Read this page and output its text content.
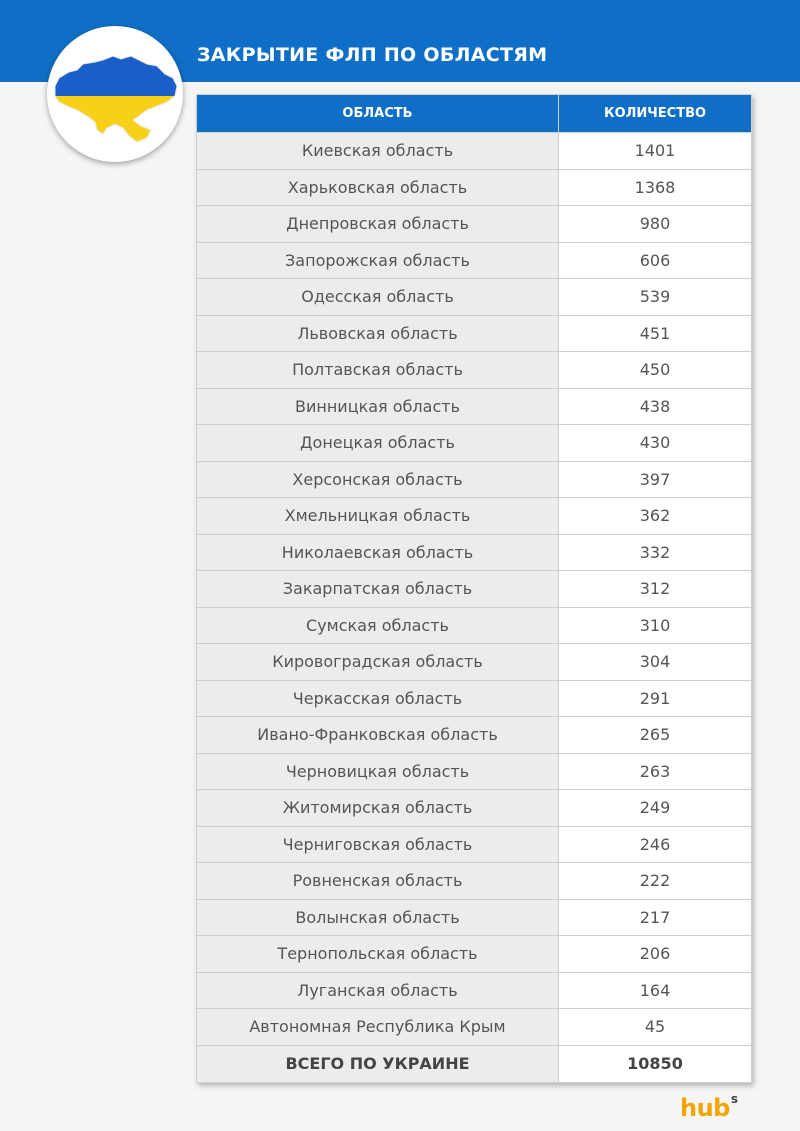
ЗАКРЫТИЕ ФЛП ПО ОБЛАСТЯМ
ОБЛАСТЬ	КОЛИЧЕСТВО
Киевская область	1401
Харьковская область	1368
Днепровская область	980
Запорожская область	606
Одесская область	539
Львовская область	451
Полтавская область	450
Винницкая область	438
Донецкая область	430
Херсонская область	397
Хмельницкая область	362
Николаевская область	332
Закарпатская область	312
Сумская область	310
Кировоградская область	304
Черкасская область	291
Ивано-Франковская область	265
Черновицкая область	263
Житомирская область	249
Черниговская область	246
Ровненская область	222
Волынская область	217
Тернопольская область	206
Луганская область	164
Автономная Республика Крым	45
ВСЕГО ПО УКРАИНЕ	10850
hub$^s$
